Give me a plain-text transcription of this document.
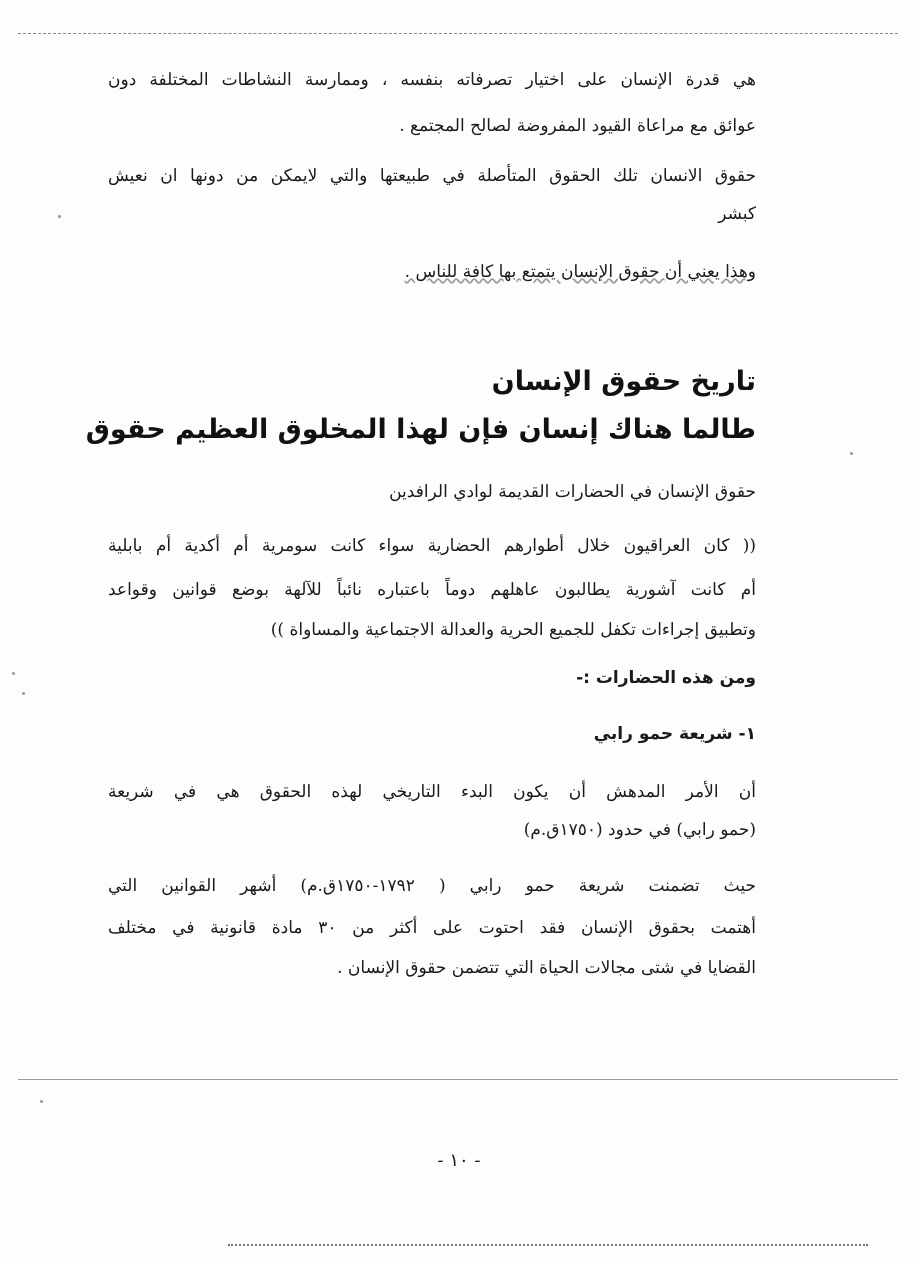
هي قدرة الإنسان على اختيار تصرفاته بنفسه ، وممارسة النشاطات المختلفة دون
عوائق مع مراعاة القيود المفروضة لصالح المجتمع .
حقوق الانسان تلك الحقوق المتأصلة في طبيعتها والتي لايمكن من دونها ان نعيش
كبشر
وهذا يعني أن حقوق الإنسان يتمتع بها كافة للناس .
تاريخ حقوق الإنسان
طالما هناك إنسان فإن لهذا المخلوق العظيم حقوق
حقوق الإنسان في الحضارات القديمة لوادي الرافدين
(( كان العراقيون خلال أطوارهم الحضارية سواء كانت سومرية أم أكدية أم بابلية
أم كانت آشورية يطالبون عاهلهم دوماً باعتباره نائباً للآلهة بوضع قوانين وقواعد
وتطبيق إجراءات تكفل للجميع الحرية والعدالة الاجتماعية والمساواة ))
ومن هذه الحضارات :-
١- شريعة حمو رابي
أن الأمر المدهش أن يكون البدء التاريخي لهذه الحقوق هي في شريعة
(حمو رابي) في حدود (١٧٥٠ق.م)
حيث تضمنت شريعة حمو رابي ( ١٧٩٢-١٧٥٠ق.م) أشهر القوانين التي
أهتمت بحقوق الإنسان فقد احتوت على أكثر من ٣٠ مادة قانونية في مختلف
القضايا في شتى مجالات الحياة التي تتضمن حقوق الإنسان .
- ١٠ -
